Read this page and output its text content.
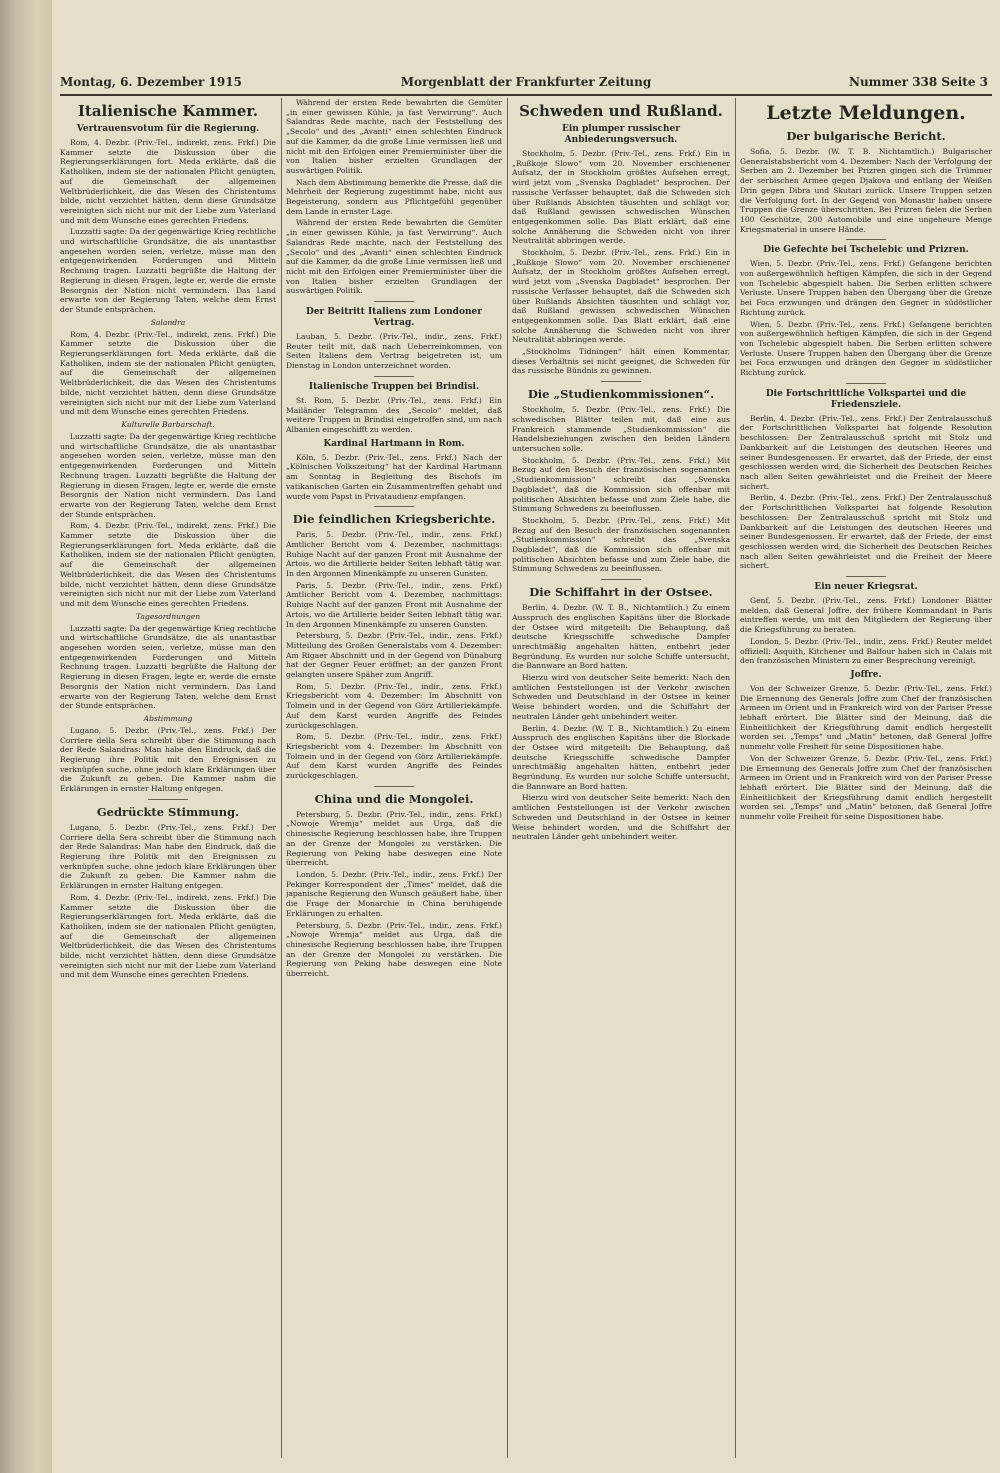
Montag, 6. Dezember 1915	Morgenblatt der Frankfurter Zeitung	Nummer 338 Seite 3
Italienische Kammer.
Vertrauensvotum für die Regierung.

Rom, 4. Dezbr. (Priv.-Tel., indirekt, zens. Frkf.) Die Kammer setzte die Diskussion über die Regierungserklärungen fort. Meda erklärte, daß die Katholiken, indem sie der nationalen Pflicht genügten, auf die Gemeinschaft der allgemeinen Weltbrüderlichkeit, die das Wesen des Christentums bilde, nicht verzichtet hätten, denn diese Grundsätze vereinigten sich nicht nur mit der Liebe zum Vaterland und mit dem Wunsche eines gerechten Friedens.

Luzzatti sagte: Da der gegenwärtige Krieg rechtliche und wirtschaftliche Grundsätze, die als unantastbar angesehen worden seien, verletze, müsse man den entgegenwirkenden Forderungen und Mitteln Rechnung tragen. Luzzatti begrüßte die Haltung der Regierung in diesen Fragen, legte er, werde die ernste Besorgnis der Nation nicht vermindern. Das Land erwarte von der Regierung Taten, welche dem Ernst der Stunde entsprächen.

Salandra

Rom, 4. Dezbr. (Priv.-Tel., indirekt, zens. Frkf.) Die Kammer setzte die Diskussion über die Regierungserklärungen fort. Meda erklärte, daß die Katholiken, indem sie der nationalen Pflicht genügten, auf die Gemeinschaft der allgemeinen Weltbrüderlichkeit, die das Wesen des Christentums bilde, nicht verzichtet hätten, denn diese Grundsätze vereinigten sich nicht nur mit der Liebe zum Vaterland und mit dem Wunsche eines gerechten Friedens.

Kulturelle Barbarschaft.

Luzzatti sagte: Da der gegenwärtige Krieg rechtliche und wirtschaftliche Grundsätze, die als unantastbar angesehen worden seien, verletze, müsse man den entgegenwirkenden Forderungen und Mitteln Rechnung tragen. Luzzatti begrüßte die Haltung der Regierung in diesen Fragen, legte er, werde die ernste Besorgnis der Nation nicht vermindern. Das Land erwarte von der Regierung Taten, welche dem Ernst der Stunde entsprächen.

Rom, 4. Dezbr. (Priv.-Tel., indirekt, zens. Frkf.) Die Kammer setzte die Diskussion über die Regierungserklärungen fort. Meda erklärte, daß die Katholiken, indem sie der nationalen Pflicht genügten, auf die Gemeinschaft der allgemeinen Weltbrüderlichkeit, die das Wesen des Christentums bilde, nicht verzichtet hätten, denn diese Grundsätze vereinigten sich nicht nur mit der Liebe zum Vaterland und mit dem Wunsche eines gerechten Friedens.

Tagesordnungen

Luzzatti sagte: Da der gegenwärtige Krieg rechtliche und wirtschaftliche Grundsätze, die als unantastbar angesehen worden seien, verletze, müsse man den entgegenwirkenden Forderungen und Mitteln Rechnung tragen. Luzzatti begrüßte die Haltung der Regierung in diesen Fragen, legte er, werde die ernste Besorgnis der Nation nicht vermindern. Das Land erwarte von der Regierung Taten, welche dem Ernst der Stunde entsprächen.

Abstimmung

Lugano, 5. Dezbr. (Priv.-Tel., zens. Frkf.) Der Corriere della Sera schreibt über die Stimmung nach der Rede Salandras: Man habe den Eindruck, daß die Regierung ihre Politik mit den Ereignissen zu verknüpfen suche, ohne jedoch klare Erklärungen über die Zukunft zu geben. Die Kammer nahm die Erklärungen in ernster Haltung entgegen.

Gedrückte Stimmung.

Lugano, 5. Dezbr. (Priv.-Tel., zens. Frkf.) Der Corriere della Sera schreibt über die Stimmung nach der Rede Salandras: Man habe den Eindruck, daß die Regierung ihre Politik mit den Ereignissen zu verknüpfen suche, ohne jedoch klare Erklärungen über die Zukunft zu geben. Die Kammer nahm die Erklärungen in ernster Haltung entgegen.

Rom, 4. Dezbr. (Priv.-Tel., indirekt, zens. Frkf.) Die Kammer setzte die Diskussion über die Regierungserklärungen fort. Meda erklärte, daß die Katholiken, indem sie der nationalen Pflicht genügten, auf die Gemeinschaft der allgemeinen Weltbrüderlichkeit, die das Wesen des Christentums bilde, nicht verzichtet hätten, denn diese Grundsätze vereinigten sich nicht nur mit der Liebe zum Vaterland und mit dem Wunsche eines gerechten Friedens.

Während der ersten Rede bewahrten die Gemüter „in einer gewissen Kühle, ja fast Verwirrung“. Auch Salandras Rede machte, nach der Feststellung des „Secolo“ und des „Avanti“ einen schlechten Eindruck auf die Kammer, da die große Linie vermissen ließ und nicht mit den Erfolgen einer Premierminister über die von Italien bisher erzielten Grundlagen der auswärtigen Politik.

Nach dem Abstimmung bemerkte die Presse, daß die Mehrheit der Regierung zugestimmt habe, nicht aus Begeisterung, sondern aus Pflichtgefühl gegenüber dem Lande in ernster Lage.

Während der ersten Rede bewahrten die Gemüter „in einer gewissen Kühle, ja fast Verwirrung“. Auch Salandras Rede machte, nach der Feststellung des „Secolo“ und des „Avanti“ einen schlechten Eindruck auf die Kammer, da die große Linie vermissen ließ und nicht mit den Erfolgen einer Premierminister über die von Italien bisher erzielten Grundlagen der auswärtigen Politik.

Der Beitritt Italiens zum Londoner Vertrag.

Lauban, 5. Dezbr. (Priv.-Tel., indir., zens. Frkf.) Reuter teilt mit, daß nach Ueberreinkommen, von Seiten Italiens dem Vertrag beigetreten ist, um Dienstag in London unterzeichnet worden.

Italienische Truppen bei Brindisi.

St. Rom, 5. Dezbr. (Priv.-Tel., zens. Frkf.) Ein Mailänder Telegramm des „Secolo“ meldet, daß weitere Truppen in Brindisi eingetroffen sind, um nach Albanien eingeschifft zu werden.

Kardinal Hartmann in Rom.

Köln, 5. Dezbr. (Priv.-Tel., zens. Frkf.) Nach der „Kölnischen Volkszeitung“ hat der Kardinal Hartmann am Sonntag in Begleitung des Bischofs im vatikanischen Garten ein Zusammentreffen gehabt und wurde vom Papst in Privataudienz empfangen.

Die feindlichen Kriegsberichte.

Paris, 5. Dezbr. (Priv.-Tel., indir., zens. Frkf.) Amtlicher Bericht vom 4. Dezember, nachmittags: Ruhige Nacht auf der ganzen Front mit Ausnahme der Artois, wo die Artillerie beider Seiten lebhaft tätig war. In den Argonnen Minenkämpfe zu unseren Gunsten.

Paris, 5. Dezbr. (Priv.-Tel., indir., zens. Frkf.) Amtlicher Bericht vom 4. Dezember, nachmittags: Ruhige Nacht auf der ganzen Front mit Ausnahme der Artois, wo die Artillerie beider Seiten lebhaft tätig war. In den Argonnen Minenkämpfe zu unseren Gunsten.

Petersburg, 5. Dezbr. (Priv.-Tel., indir., zens. Frkf.) Mitteilung des Großen Generalstabs vom 4. Dezember: Am Rigaer Abschnitt und in der Gegend von Dünaburg hat der Gegner Feuer eröffnet; an der ganzen Front gelangten unsere Späher zum Angriff.

Rom, 5. Dezbr. (Priv.-Tel., indir., zens. Frkf.) Kriegsbericht vom 4. Dezember: Im Abschnitt von Tolmein und in der Gegend von Görz Artilleriekämpfe. Auf dem Karst wurden Angriffe des Feindes zurückgeschlagen.

Rom, 5. Dezbr. (Priv.-Tel., indir., zens. Frkf.) Kriegsbericht vom 4. Dezember: Im Abschnitt von Tolmein und in der Gegend von Görz Artilleriekämpfe. Auf dem Karst wurden Angriffe des Feindes zurückgeschlagen.

China und die Mongolei.

Petersburg, 5. Dezbr. (Priv.-Tel., indir., zens. Frkf.) „Nowoje Wremja“ meldet aus Urga, daß die chinesische Regierung beschlossen habe, ihre Truppen an der Grenze der Mongolei zu verstärken. Die Regierung von Peking habe deswegen eine Note überreicht.

London, 5. Dezbr. (Priv.-Tel., indir., zens. Frkf.) Der Pekinger Korrespondent der „Times“ meldet, daß die japanische Regierung den Wunsch geäußert habe, über die Frage der Monarchie in China beruhigende Erklärungen zu erhalten.

Petersburg, 5. Dezbr. (Priv.-Tel., indir., zens. Frkf.) „Nowoje Wremja“ meldet aus Urga, daß die chinesische Regierung beschlossen habe, ihre Truppen an der Grenze der Mongolei zu verstärken. Die Regierung von Peking habe deswegen eine Note überreicht.

Schweden und Rußland.
Ein plumper russischer Anbiederungsversuch.

Stockholm, 5. Dezbr. (Priv.-Tel., zens. Frkf.) Ein in „Rußkoje Slowo“ vom 20. November erschienener Aufsatz, der in Stockholm größtes Aufsehen erregt, wird jetzt vom „Svenska Dagbladet“ besprochen. Der russische Verfasser behauptet, daß die Schweden sich über Rußlands Absichten täuschten und schlägt vor, daß Rußland gewissen schwedischen Wünschen entgegenkommen solle. Das Blatt erklärt, daß eine solche Annäherung die Schweden nicht von ihrer Neutralität abbringen werde.

Stockholm, 5. Dezbr. (Priv.-Tel., zens. Frkf.) Ein in „Rußkoje Slowo“ vom 20. November erschienener Aufsatz, der in Stockholm größtes Aufsehen erregt, wird jetzt vom „Svenska Dagbladet“ besprochen. Der russische Verfasser behauptet, daß die Schweden sich über Rußlands Absichten täuschten und schlägt vor, daß Rußland gewissen schwedischen Wünschen entgegenkommen solle. Das Blatt erklärt, daß eine solche Annäherung die Schweden nicht von ihrer Neutralität abbringen werde.

„Stockholms Tidningen“ hält einen Kommentar, dieses Verhältnis sei nicht geeignet, die Schweden für das russische Bündnis zu gewinnen.

Die „Studienkommissionen“.

Stockholm, 5. Dezbr. (Priv.-Tel., zens. Frkf.) Die schwedischen Blätter teilen mit, daß eine aus Frankreich stammende „Studienkommission“ die Handelsbeziehungen zwischen den beiden Ländern untersuchen solle.

Stockholm, 5. Dezbr. (Priv.-Tel., zens. Frkf.) Mit Bezug auf den Besuch der französischen sogenannten „Studienkommission“ schreibt das „Svenska Dagbladet“, daß die Kommission sich offenbar mit politischen Absichten befasse und zum Ziele habe, die Stimmung Schwedens zu beeinflussen.

Stockholm, 5. Dezbr. (Priv.-Tel., zens. Frkf.) Mit Bezug auf den Besuch der französischen sogenannten „Studienkommission“ schreibt das „Svenska Dagbladet“, daß die Kommission sich offenbar mit politischen Absichten befasse und zum Ziele habe, die Stimmung Schwedens zu beeinflussen.

Die Schiffahrt in der Ostsee.

Berlin, 4. Dezbr. (W. T. B., Nichtamtlich.) Zu einem Ausspruch des englischen Kapitäns über die Blockade der Ostsee wird mitgeteilt: Die Behauptung, daß deutsche Kriegsschiffe schwedische Dampfer unrechtmäßig angehalten hätten, entbehrt jeder Begründung. Es wurden nur solche Schiffe untersucht, die Bannware an Bord hatten.

Hierzu wird von deutscher Seite bemerkt: Nach den amtlichen Feststellungen ist der Verkehr zwischen Schweden und Deutschland in der Ostsee in keiner Weise behindert worden, und die Schiffahrt der neutralen Länder geht unbehindert weiter.

Berlin, 4. Dezbr. (W. T. B., Nichtamtlich.) Zu einem Ausspruch des englischen Kapitäns über die Blockade der Ostsee wird mitgeteilt: Die Behauptung, daß deutsche Kriegsschiffe schwedische Dampfer unrechtmäßig angehalten hätten, entbehrt jeder Begründung. Es wurden nur solche Schiffe untersucht, die Bannware an Bord hatten.

Hierzu wird von deutscher Seite bemerkt: Nach den amtlichen Feststellungen ist der Verkehr zwischen Schweden und Deutschland in der Ostsee in keiner Weise behindert worden, und die Schiffahrt der neutralen Länder geht unbehindert weiter.

Letzte Meldungen.
Der bulgarische Bericht.

Sofia, 5. Dezbr. (W. T. B. Nichtamtlich.) Bulgarischer Generalstabsbericht vom 4. Dezember: Nach der Verfolgung der Serben am 2. Dezember bei Prizren gingen sich die Trümmer der serbischen Armee gegen Djakova und entlang der Weißen Drin gegen Dibra und Skutari zurück. Unsere Truppen setzen die Verfolgung fort. In der Gegend von Monastir haben unsere Truppen die Grenze überschritten. Bei Prizren fielen die Serben 100 Geschütze, 200 Automobile und eine ungeheure Menge Kriegsmaterial in unsere Hände.

Die Gefechte bei Tschelebic und Prizren.

Wien, 5. Dezbr. (Priv.-Tel., zens. Frkf.) Gefangene berichten von außergewöhnlich heftigen Kämpfen, die sich in der Gegend von Tschelebic abgespielt haben. Die Serben erlitten schwere Verluste. Unsere Truppen haben den Übergang über die Grenze bei Foca erzwungen und drängen den Gegner in südöstlicher Richtung zurück.

Wien, 5. Dezbr. (Priv.-Tel., zens. Frkf.) Gefangene berichten von außergewöhnlich heftigen Kämpfen, die sich in der Gegend von Tschelebic abgespielt haben. Die Serben erlitten schwere Verluste. Unsere Truppen haben den Übergang über die Grenze bei Foca erzwungen und drängen den Gegner in südöstlicher Richtung zurück.

Die Fortschrittliche Volkspartei und die Friedensziele.

Berlin, 4. Dezbr. (Priv.-Tel., zens. Frkf.) Der Zentralausschuß der Fortschrittlichen Volkspartei hat folgende Resolution beschlossen: Der Zentralausschuß spricht mit Stolz und Dankbarkeit auf die Leistungen des deutschen Heeres und seiner Bundesgenossen. Er erwartet, daß der Friede, der einst geschlossen werden wird, die Sicherheit des Deutschen Reiches nach allen Seiten gewährleistet und die Freiheit der Meere sichert.

Berlin, 4. Dezbr. (Priv.-Tel., zens. Frkf.) Der Zentralausschuß der Fortschrittlichen Volkspartei hat folgende Resolution beschlossen: Der Zentralausschuß spricht mit Stolz und Dankbarkeit auf die Leistungen des deutschen Heeres und seiner Bundesgenossen. Er erwartet, daß der Friede, der einst geschlossen werden wird, die Sicherheit des Deutschen Reiches nach allen Seiten gewährleistet und die Freiheit der Meere sichert.

Ein neuer Kriegsrat.

Genf, 5. Dezbr. (Priv.-Tel., zens. Frkf.) Londoner Blätter melden, daß General Joffre, der frühere Kommandant in Paris eintreffen werde, um mit den Mitgliedern der Regierung über die Kriegsführung zu beraten.

London, 5. Dezbr. (Priv.-Tel., indir., zens. Frkf.) Reuter meldet offiziell: Asquith, Kitchener und Balfour haben sich in Calais mit den französischen Ministern zu einer Besprechung vereinigt.

Joffre.

Von der Schweizer Grenze, 5. Dezbr. (Priv.-Tel., zens. Frkf.) Die Ernennung des Generals Joffre zum Chef der französischen Armeen im Orient und in Frankreich wird von der Pariser Presse lebhaft erörtert. Die Blätter sind der Meinung, daß die Einheitlichkeit der Kriegsführung damit endlich hergestellt worden sei. „Temps“ und „Matin“ betonen, daß General Joffre nunmehr volle Freiheit für seine Dispositionen habe.

Von der Schweizer Grenze, 5. Dezbr. (Priv.-Tel., zens. Frkf.) Die Ernennung des Generals Joffre zum Chef der französischen Armeen im Orient und in Frankreich wird von der Pariser Presse lebhaft erörtert. Die Blätter sind der Meinung, daß die Einheitlichkeit der Kriegsführung damit endlich hergestellt worden sei. „Temps“ und „Matin“ betonen, daß General Joffre nunmehr volle Freiheit für seine Dispositionen habe.
